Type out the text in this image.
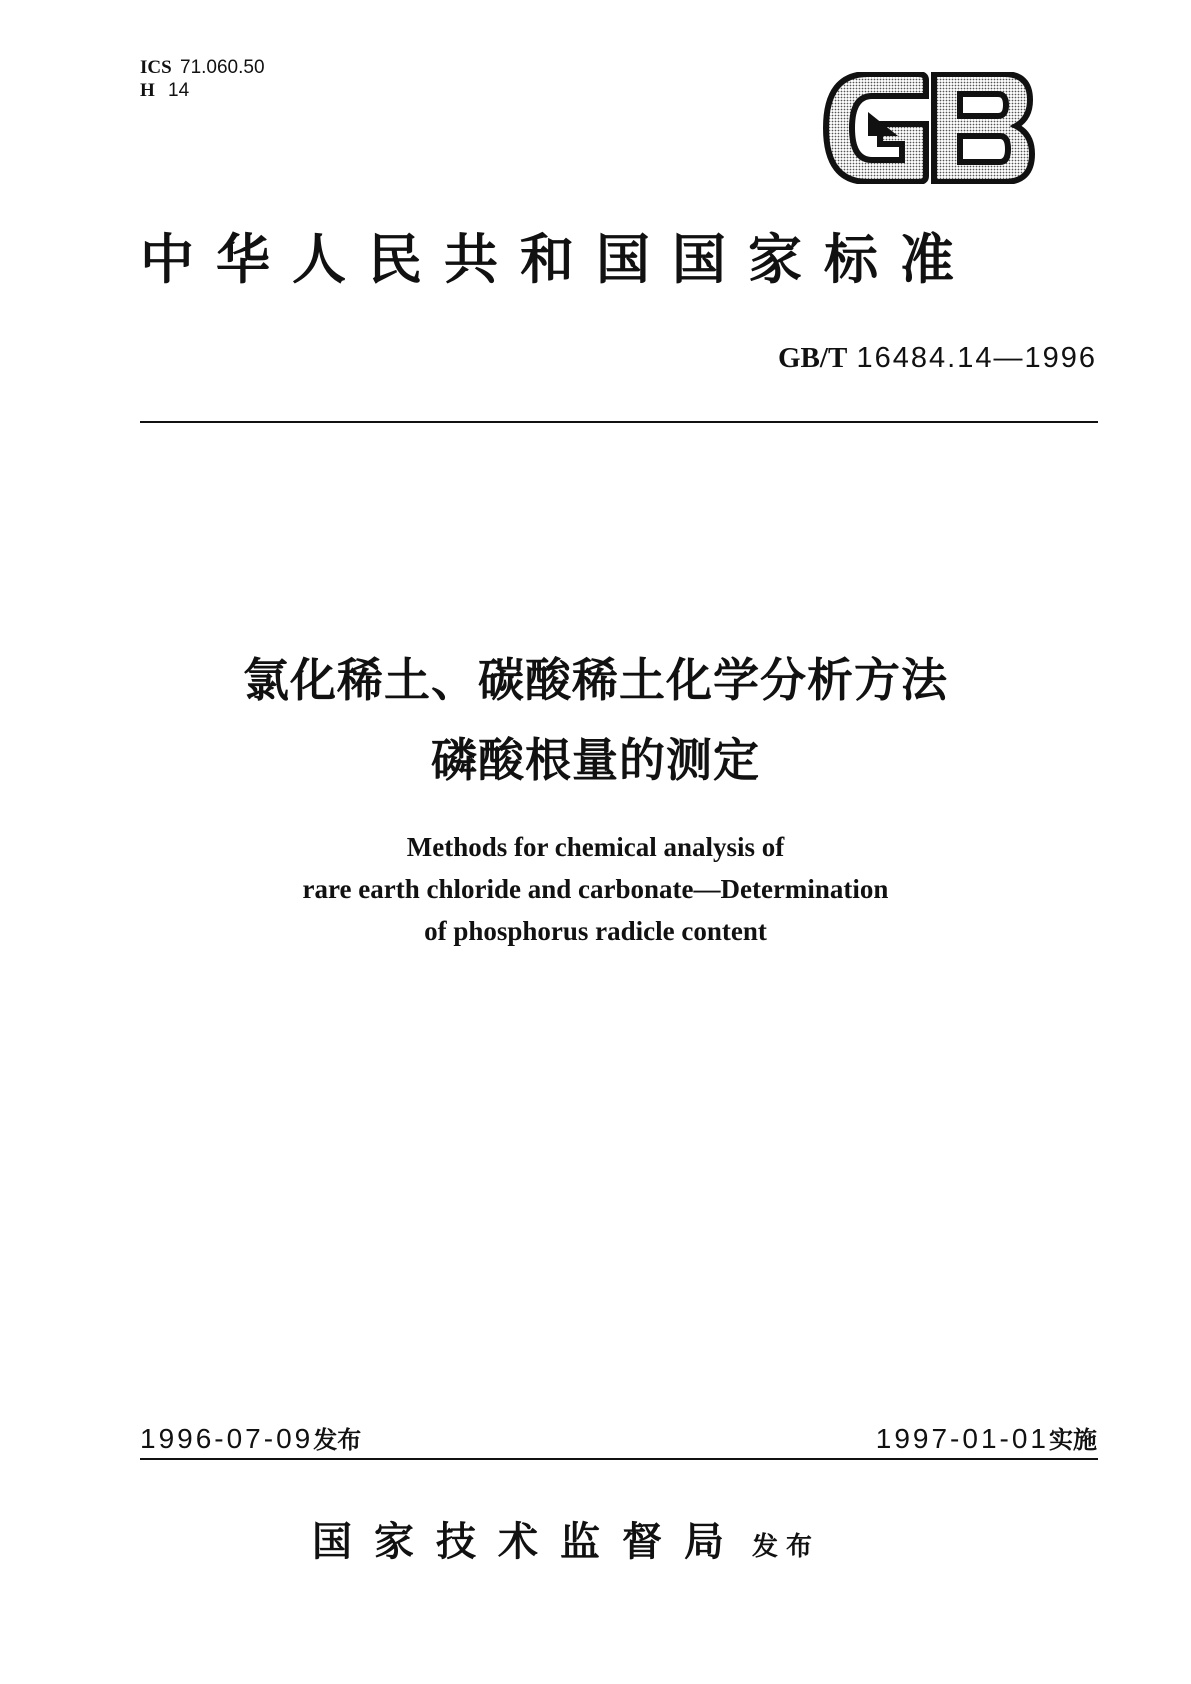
ICS 71.060.50
H 14
中华人民共和国国家标准
GB/T 16484.14—1996
氯化稀土、碳酸稀土化学分析方法
磷酸根量的测定
Methods for chemical analysis of
rare earth chloride and carbonate—Determination
of phosphorus radicle content
1996-07-09发布	1997-01-01实施
国家技术监督局 发布
